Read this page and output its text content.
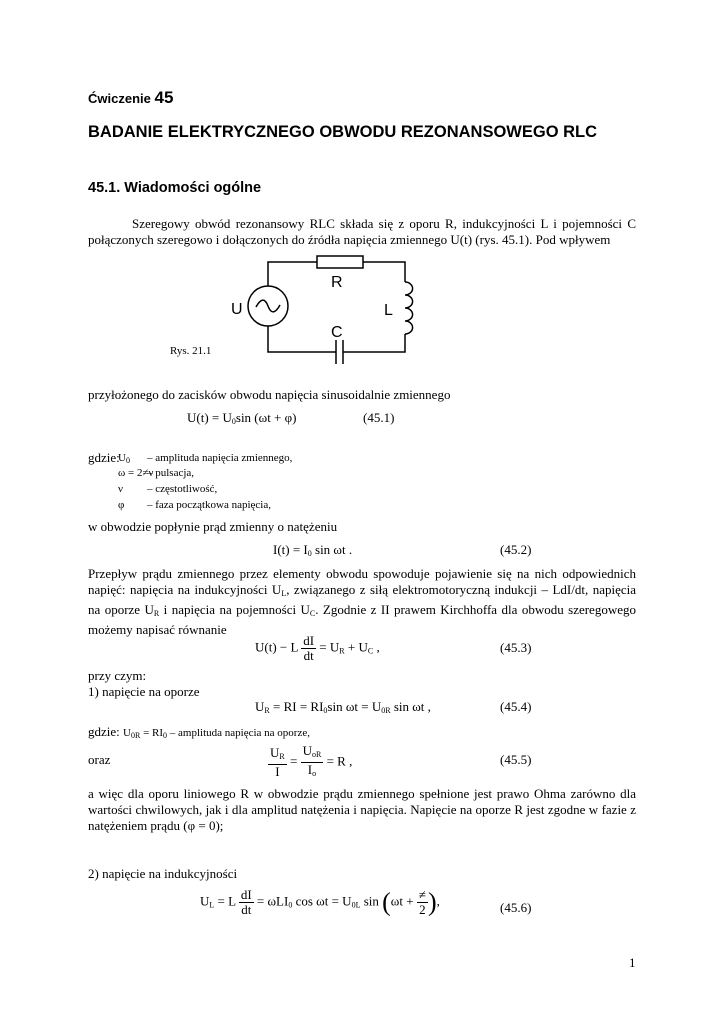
Ćwiczenie 45
BADANIE ELEKTRYCZNEGO OBWODU REZONANSOWEGO RLC
45.1. Wiadomości ogólne
Szeregowy obwód rezonansowy RLC składa się z oporu R, indukcyjności L i pojemności C połączonych szeregowo i dołączonych do źródła napięcia zmiennego U(t) (rys. 45.1). Pod wpływem
R
L
C
U
Rys. 21.1
przyłożonego do zacisków obwodu napięcia sinusoidalnie zmiennego
$U(t) = U_0\sin$ (ωt + φ)	(45.1)
gdzie:
$U_0$ – amplituda napięcia zmiennego,
ω = 2≠ν
– pulsacja,
ν – częstotliwość,
φ – faza początkowa napięcia,
w obwodzie popłynie prąd zmienny o natężeniu
$I(t) = I_0$ sin ωt .	(45.2)
Przepływ prądu zmiennego przez elementy obwodu spowoduje pojawienie się na nich odpowiednich napięć: napięcia na indukcyjności $U_L$, związanego z siłą elektromotoryczną indukcji – LdI/dt, napięcia na oporze $U_R$ i napięcia na pojemności $U_C$. Zgodnie z II prawem Kirchhoffa dla obwodu szeregowego możemy napisać równanie
U(t) − L $\frac{dI}{dt} = U_R + U_C$ ,	(45.3)
przy czym:
1) napięcie na oporze
$U_R$ = RI = $RI_0\sin$ $\omega t = U_{0R}$ sin ωt ,	(45.4)
gdzie: $U_{0R} = RI_0$ – amplituda napięcia na oporze,
oraz	$\frac{U_R}{I} = \frac{U_{oR}}{I_o} = R$ ,	(45.5)
a więc dla oporu liniowego R w obwodzie prądu zmiennego spełnione jest prawo Ohma zarówno dla wartości chwilowych, jak i dla amplitud natężenia i napięcia. Napięcie na oporze R jest zgodne w fazie z natężeniem prądu (φ = 0);
2) napięcie na indukcyjności
$U_L = L \frac{dI}{dt} = \omega LI_0$ $\cos \omega t = U_{0L}$ $\sin (\omega t + \frac{\ne}{2}$ ),	(45.6)
1
